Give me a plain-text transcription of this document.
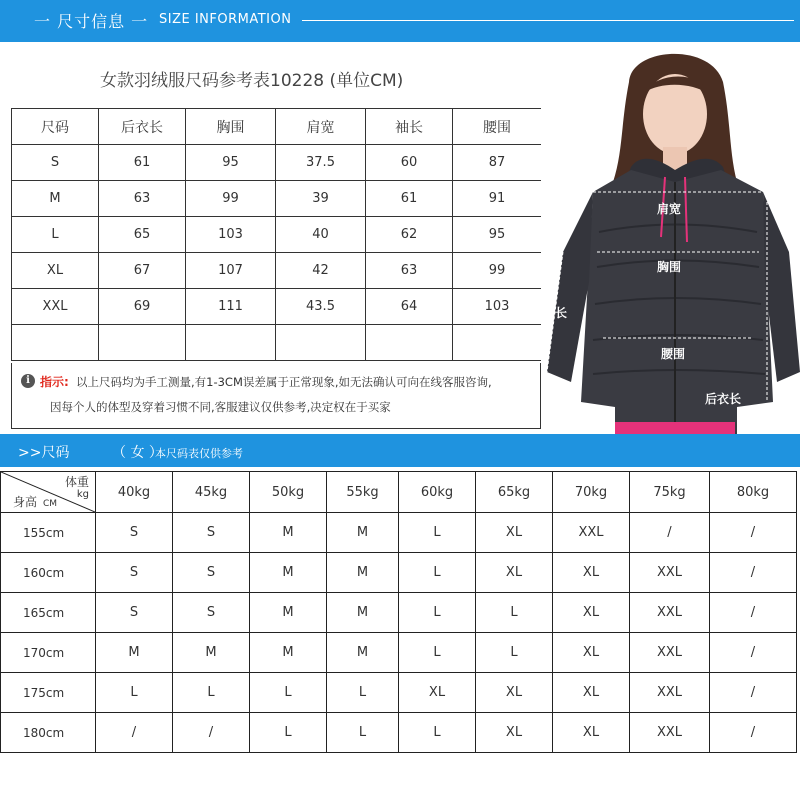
一 尺寸信息 一 SIZE INFORMATION
女款羽绒服尺码参考表10228 (单位CM)
尺码	后衣长	胸围	肩宽	袖长	腰围
S	61	95	37.5	60	87
M	63	99	39	61	91
L	65	103	40	62	95
XL	67	107	42	63	99
XXL	69	111	43.5	64	103

i 指示: 以上尺码均为手工测量,有1-3CM误差属于正常现象,如无法确认可向在线客服咨询,
因每个人的体型及穿着习惯不同,客服建议仅供参考,决定权在于买家
肩宽
胸围
袖长
腰围
后衣长
>>尺码	（ 女 ）
本尺码表仅供参考
体重
kg
身高 CM	40kg	45kg	50kg	55kg	60kg	65kg	70kg	75kg	80kg
155cm	S	S	M	M	L	XL	XXL	/	/
160cm	S	S	M	M	L	XL	XL	XXL	/
165cm	S	S	M	M	L	L	XL	XXL	/
170cm	M	M	M	M	L	L	XL	XXL	/
175cm	L	L	L	L	XL	XL	XL	XXL	/
180cm	/	/	L	L	L	XL	XL	XXL	/
